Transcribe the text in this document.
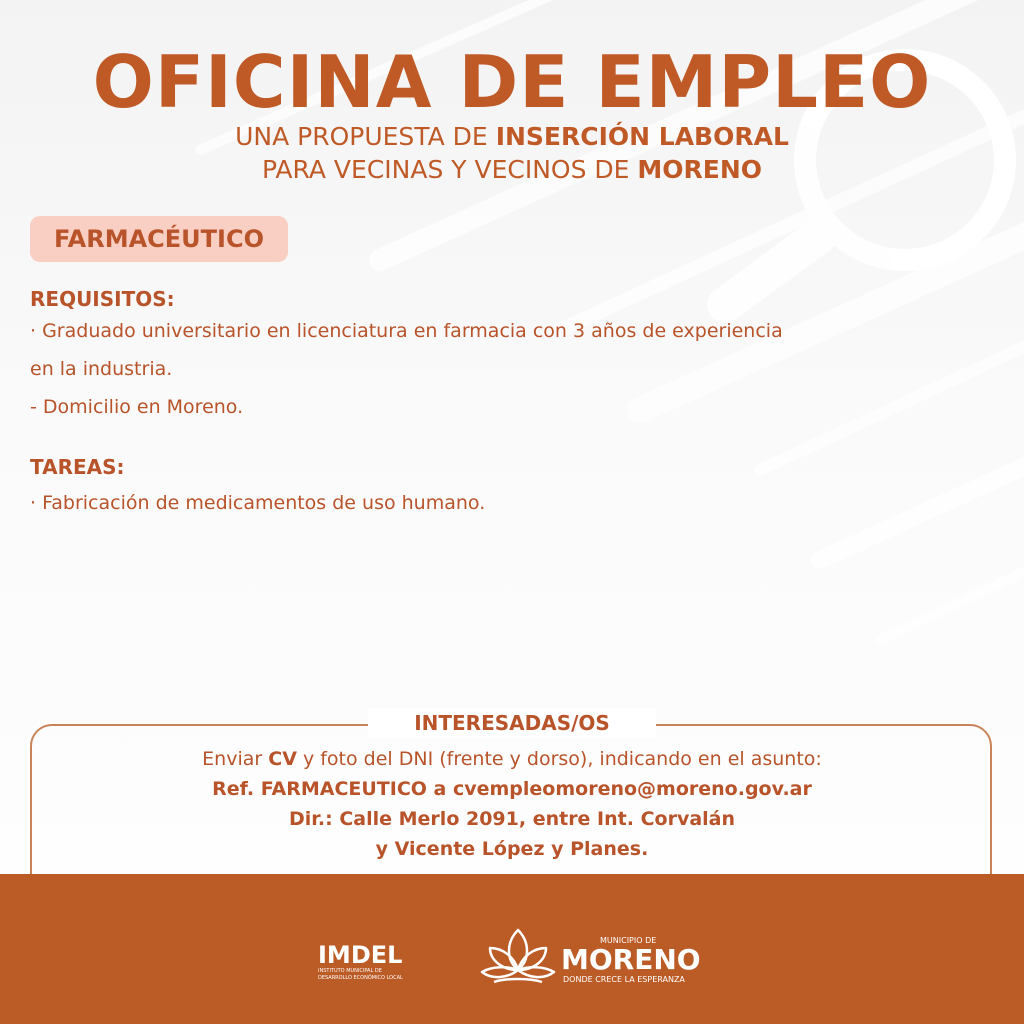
OFICINA DE EMPLEO
UNA PROPUESTA DE INSERCIÓN LABORAL
PARA VECINAS Y VECINOS DE MORENO
FARMACÉUTICO

REQUISITOS:

· Graduado universitario en licenciatura en farmacia con 3 años de experiencia

en la industria.

- Domicilio en Moreno.

TAREAS:

· Fabricación de medicamentos de uso humano.

INTERESADAS/OS

Enviar CV y foto del DNI (frente y dorso), indicando en el asunto:

Ref. FARMACEUTICO a cvempleomoreno@moreno.gov.ar

Dir.: Calle Merlo 2091, entre Int. Corvalán

y Vicente López y Planes.

IMDEL
INSTITUTO MUNICIPAL DE
DESARROLLO ECONÓMICO LOCAL
MUNICIPIO DE
MORENO
DONDE CRECE LA ESPERANZA
